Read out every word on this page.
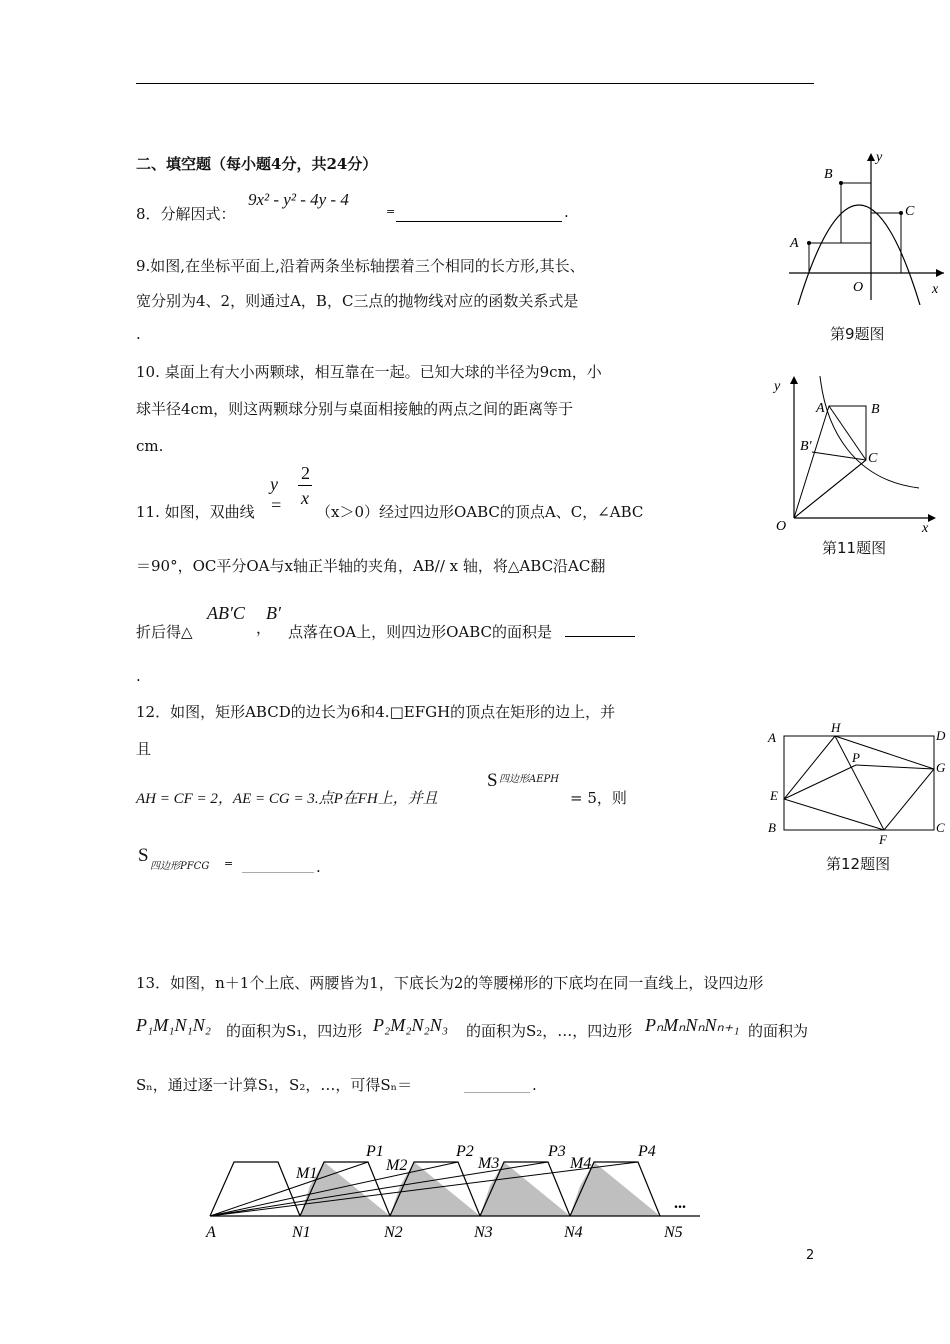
二、填空题（每小题4分，共24分）
8．分解因式：
9x² - y² - 4y - 4
=	.
9.如图,在坐标平面上,沿着两条坐标轴摆着三个相同的长方形,其长、
宽分别为4、2，则通过A，B，C三点的抛物线对应的函数关系式是
.
B
y
A
C
O	x
第9题图
10. 桌面上有大小两颗球，相互靠在一起。已知大球的半径为9cm，小
球半径4cm，则这两颗球分别与桌面相接触的两点之间的距离等于
cm.
y
A	B
B′
C
O	x
第11题图
y =
2
x
11. 如图，双曲线	（x＞0）经过四边形OABC的顶点A、C，∠ABC
＝90°，OC平分OA与x轴正半轴的夹角，AB// x 轴，将△ABC沿AC翻
折后得△
AB′C
，
B′
点落在OA上，则四边形OABC的面积是
.
12．如图，矩形ABCD的边长为6和4.□EFGH的顶点在矩形的边上，并
且
AH = CF = 2，AE = CG = 3.点P在FH上，并且
S 四边形AEPH
= 5，则
S
四边形PFCG =	.
A
H
D
P
G
E
B
F
C
第12题图
13．如图，n＋1个上底、两腰皆为1，下底长为2的等腰梯形的下底均在同一直线上，设四边形
P₁M₁N₁N₂ 的面积为S₁，四边形 P₂M₂N₂N₃ 的面积为S₂，…，四边形 PₙMₙNₙNₙ₊₁ 的面积为
Sₙ，通过逐一计算S₁，S₂，…，可得Sₙ＝	.
P1	P2	P3	P4
M1	M2	M3	M4
A	N1	N2	N3	N4	N5
...
2
